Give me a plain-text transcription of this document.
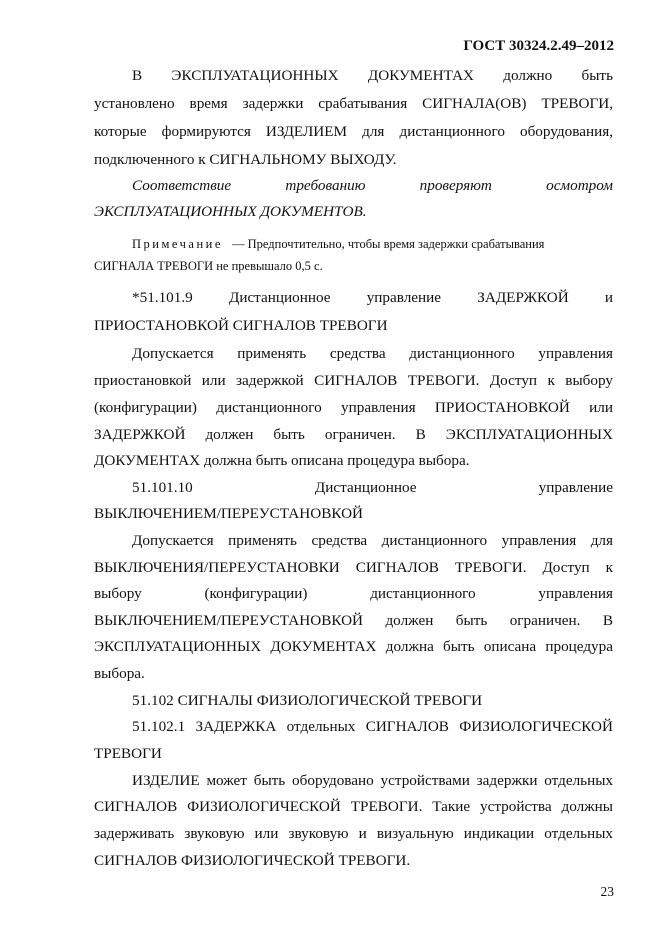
ГОСТ 30324.2.49–2012
В ЭКСПЛУАТАЦИОННЫХ ДОКУМЕНТАХ должно быть
установлено время задержки срабатывания СИГНАЛА(ОВ) ТРЕВОГИ,
которые формируются ИЗДЕЛИЕМ для дистанционного оборудования,
подключенного к СИГНАЛЬНОМУ ВЫХОДУ.
Соответствие требованию проверяют осмотром
ЭКСПЛУАТАЦИОННЫХ ДОКУМЕНТОВ.
Примечание — Предпочтительно, чтобы время задержки срабатывания
СИГНАЛА ТРЕВОГИ не превышало 0,5 с.
*51.101.9 Дистанционное управление ЗАДЕРЖКОЙ и
ПРИОСТАНОВКОЙ СИГНАЛОВ ТРЕВОГИ
Допускается применять средства дистанционного управления
приостановкой или задержкой СИГНАЛОВ ТРЕВОГИ. Доступ к выбору
(конфигурации) дистанционного управления ПРИОСТАНОВКОЙ или
ЗАДЕРЖКОЙ должен быть ограничен. В ЭКСПЛУАТАЦИОННЫХ
ДОКУМЕНТАХ должна быть описана процедура выбора.
51.101.10 Дистанционное управление
ВЫКЛЮЧЕНИЕМ/ПЕРЕУСТАНОВКОЙ
Допускается применять средства дистанционного управления для
ВЫКЛЮЧЕНИЯ/ПЕРЕУСТАНОВКИ СИГНАЛОВ ТРЕВОГИ. Доступ к
выбору (конфигурации) дистанционного управления
ВЫКЛЮЧЕНИЕМ/ПЕРЕУСТАНОВКОЙ должен быть ограничен. В
ЭКСПЛУАТАЦИОННЫХ ДОКУМЕНТАХ должна быть описана процедура
выбора.
51.102 СИГНАЛЫ ФИЗИОЛОГИЧЕСКОЙ ТРЕВОГИ
51.102.1 ЗАДЕРЖКА отдельных СИГНАЛОВ ФИЗИОЛОГИЧЕСКОЙ
ТРЕВОГИ
ИЗДЕЛИЕ может быть оборудовано устройствами задержки отдельных
СИГНАЛОВ ФИЗИОЛОГИЧЕСКОЙ ТРЕВОГИ. Такие устройства должны
задерживать звуковую или звуковую и визуальную индикации отдельных
СИГНАЛОВ ФИЗИОЛОГИЧЕСКОЙ ТРЕВОГИ.
23
